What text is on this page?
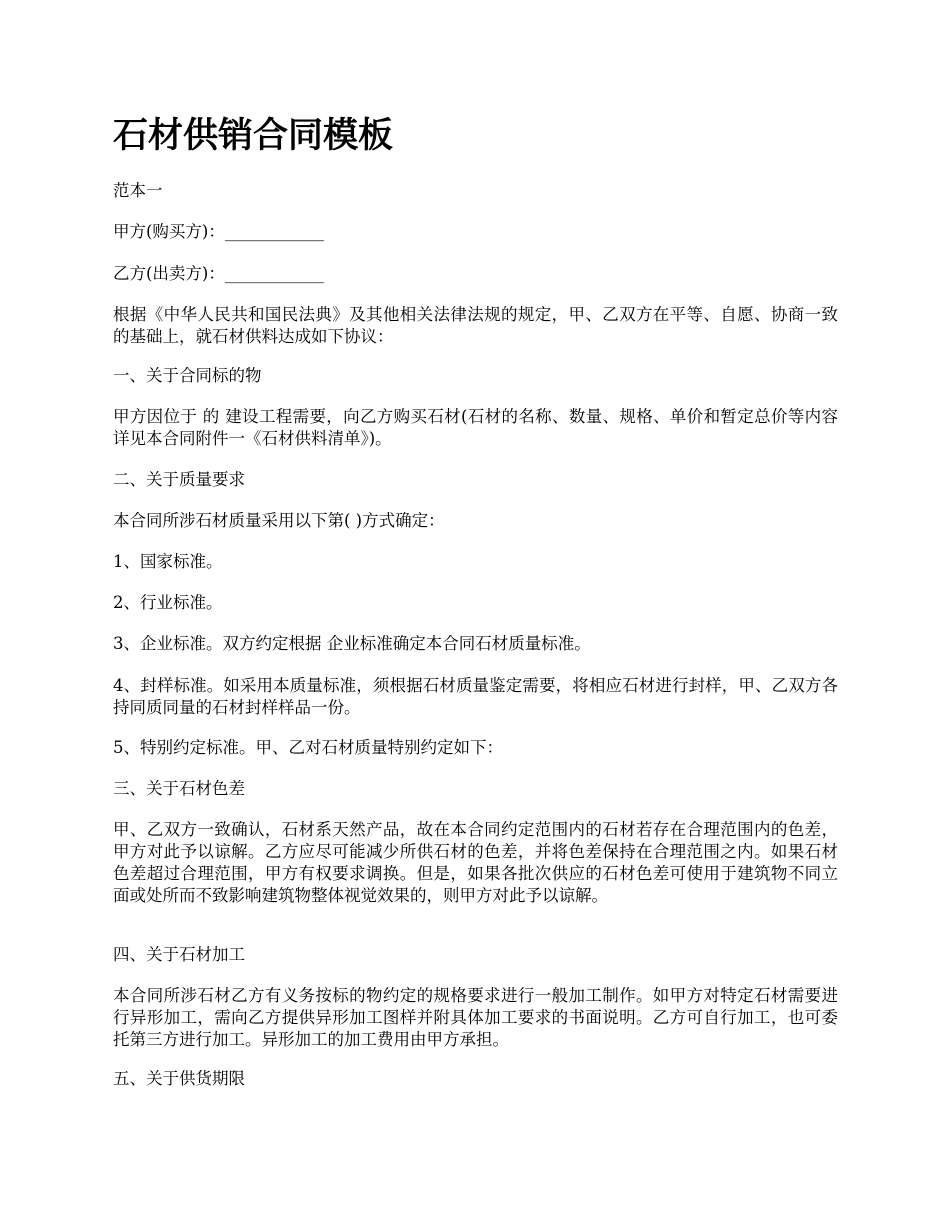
石材供销合同模板

范本一

甲方(购买方)：____________

乙方(出卖方)：____________

根据《中华人民共和国民法典》及其他相关法律法规的规定，甲、乙双方在平等、自愿、协商一致的基础上，就石材供料达成如下协议：

一、关于合同标的物

甲方因位于 的 建设工程需要，向乙方购买石材(石材的名称、数量、规格、单价和暂定总价等内容详见本合同附件一《石材供料清单》)。

二、关于质量要求

本合同所涉石材质量采用以下第( )方式确定：

1、国家标准。

2、行业标准。

3、企业标准。双方约定根据 企业标准确定本合同石材质量标准。

4、封样标准。如采用本质量标准，须根据石材质量鉴定需要，将相应石材进行封样，甲、乙双方各持同质同量的石材封样样品一份。

5、特别约定标准。甲、乙对石材质量特别约定如下：

三、关于石材色差

甲、乙双方一致确认，石材系天然产品，故在本合同约定范围内的石材若存在合理范围内的色差，甲方对此予以谅解。乙方应尽可能减少所供石材的色差，并将色差保持在合理范围之内。如果石材色差超过合理范围，甲方有权要求调换。但是，如果各批次供应的石材色差可使用于建筑物不同立面或处所而不致影响建筑物整体视觉效果的，则甲方对此予以谅解。

四、关于石材加工

本合同所涉石材乙方有义务按标的物约定的规格要求进行一般加工制作。如甲方对特定石材需要进行异形加工，需向乙方提供异形加工图样并附具体加工要求的书面说明。乙方可自行加工，也可委托第三方进行加工。异形加工的加工费用由甲方承担。

五、关于供货期限
